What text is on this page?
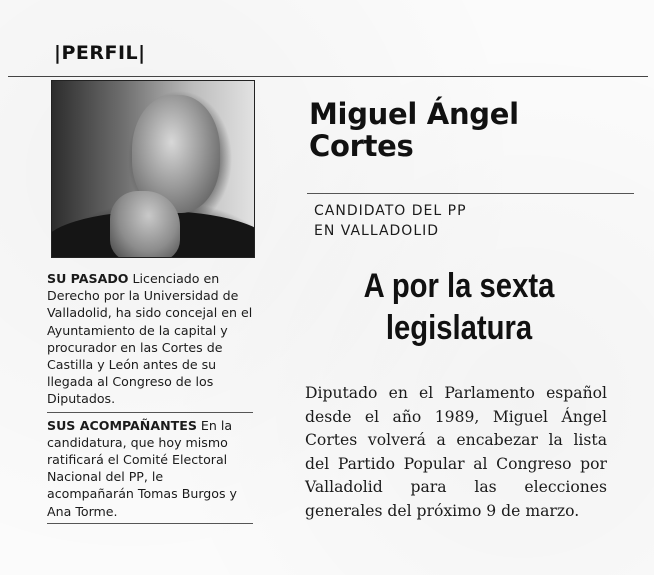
|PERFIL|
SU PASADO Licenciado en Derecho por la Universidad de Valladolid, ha sido concejal en el Ayuntamiento de la capital y procurador en las Cortes de Castilla y León antes de su llegada al Congreso de los Diputados.
SUS ACOMPAÑANTES En la candidatura, que hoy mismo ratificará el Comité Electoral Nacional del PP, le acompañarán Tomas Burgos y Ana Torme.
Miguel Ángel
Cortes
CANDIDATO DEL PP
EN VALLADOLID
A por la sexta
legislatura
Diputado en el Parlamento español desde el año 1989, Miguel Ángel Cortes volverá a encabezar la lista del Partido Popular al Congreso por Valladolid para las elecciones generales del próximo 9 de marzo.
